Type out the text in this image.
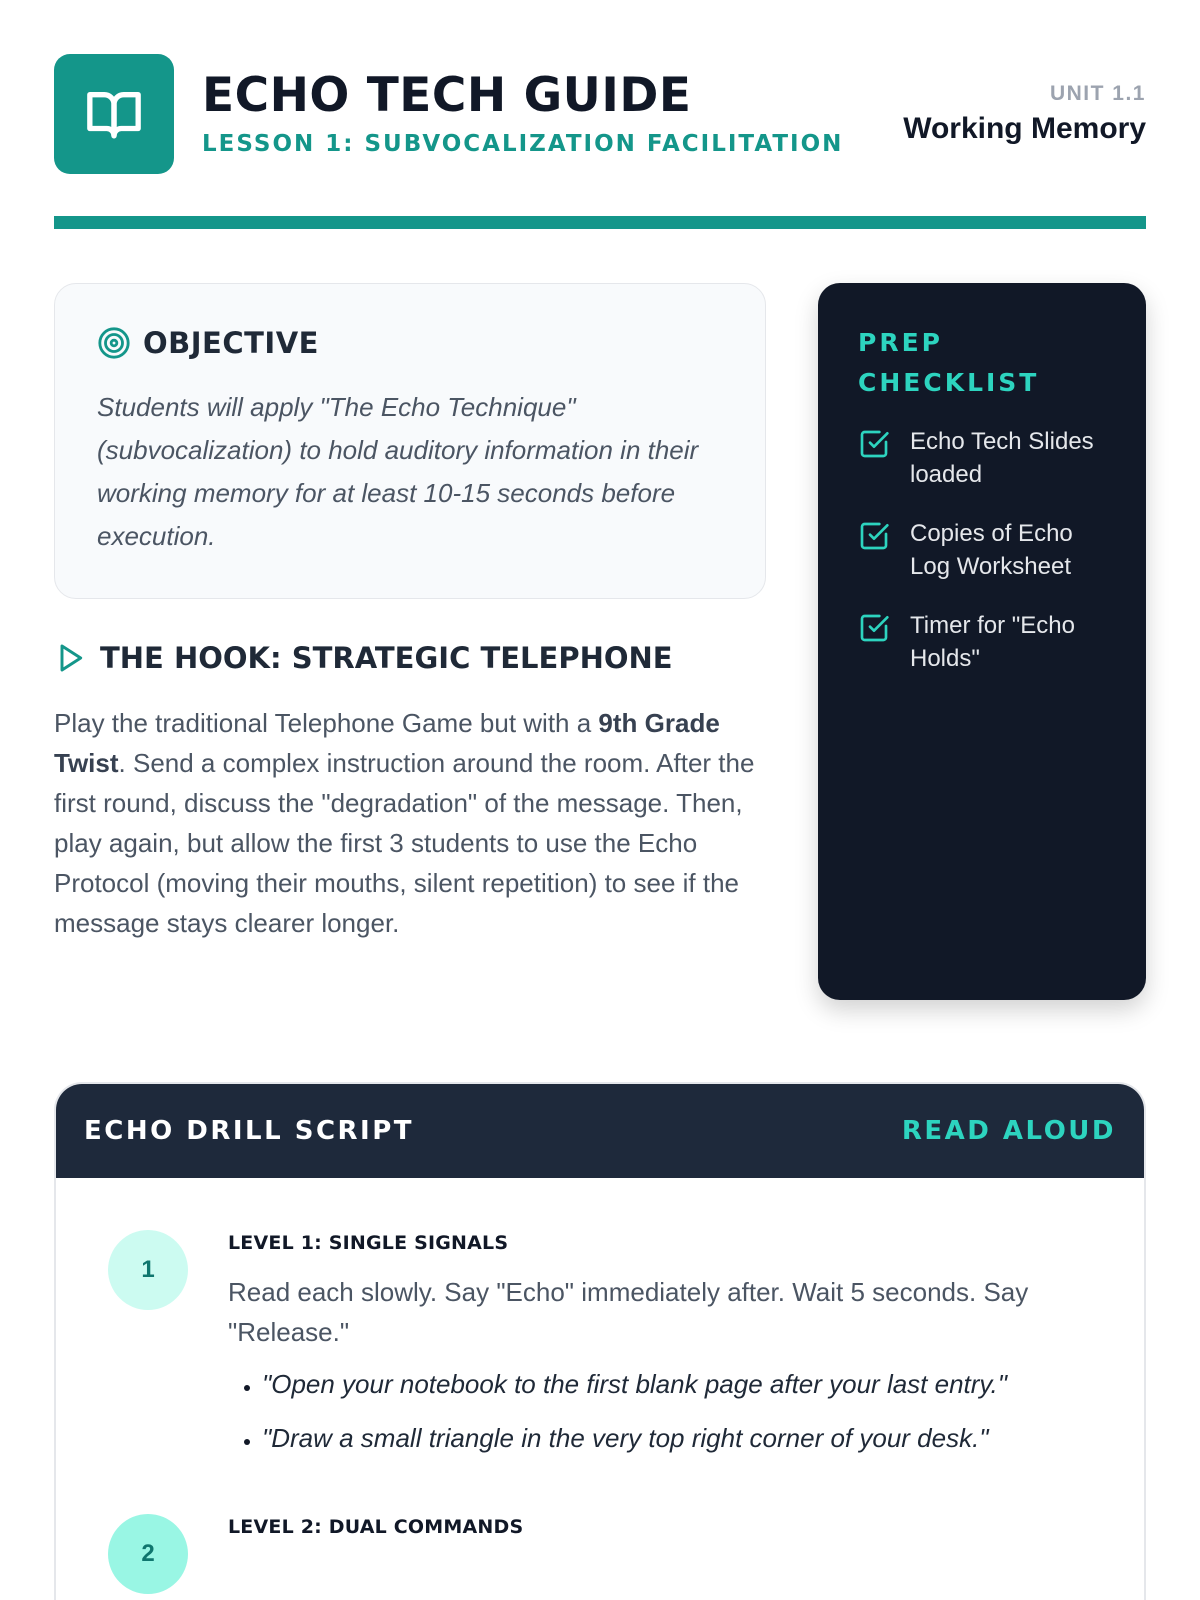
ECHO TECH GUIDE
LESSON 1: SUBVOCALIZATION FACILITATION
UNIT 1.1
Working Memory
OBJECTIVE

Students will apply "The Echo Technique" (subvocalization) to hold auditory information in their working memory for at least 10-15 seconds before execution.

THE HOOK: STRATEGIC TELEPHONE

Play the traditional Telephone Game but with a 9th Grade Twist. Send a complex instruction around the room. After the first round, discuss the "degradation" of the message. Then, play again, but allow the first 3 students to use the Echo Protocol (moving their mouths, silent repetition) to see if the message stays clearer longer.

PREP CHECKLIST
Echo Tech Slides loaded
Copies of Echo Log Worksheet
Timer for "Echo Holds"
ECHO DRILL SCRIPT	READ ALOUD
1
LEVEL 1: SINGLE SIGNALS

Read each slowly. Say "Echo" immediately after. Wait 5 seconds. Say "Release."

• "Open your notebook to the first blank page after your last entry."
• "Draw a small triangle in the very top right corner of your desk."
2
LEVEL 2: DUAL COMMANDS
